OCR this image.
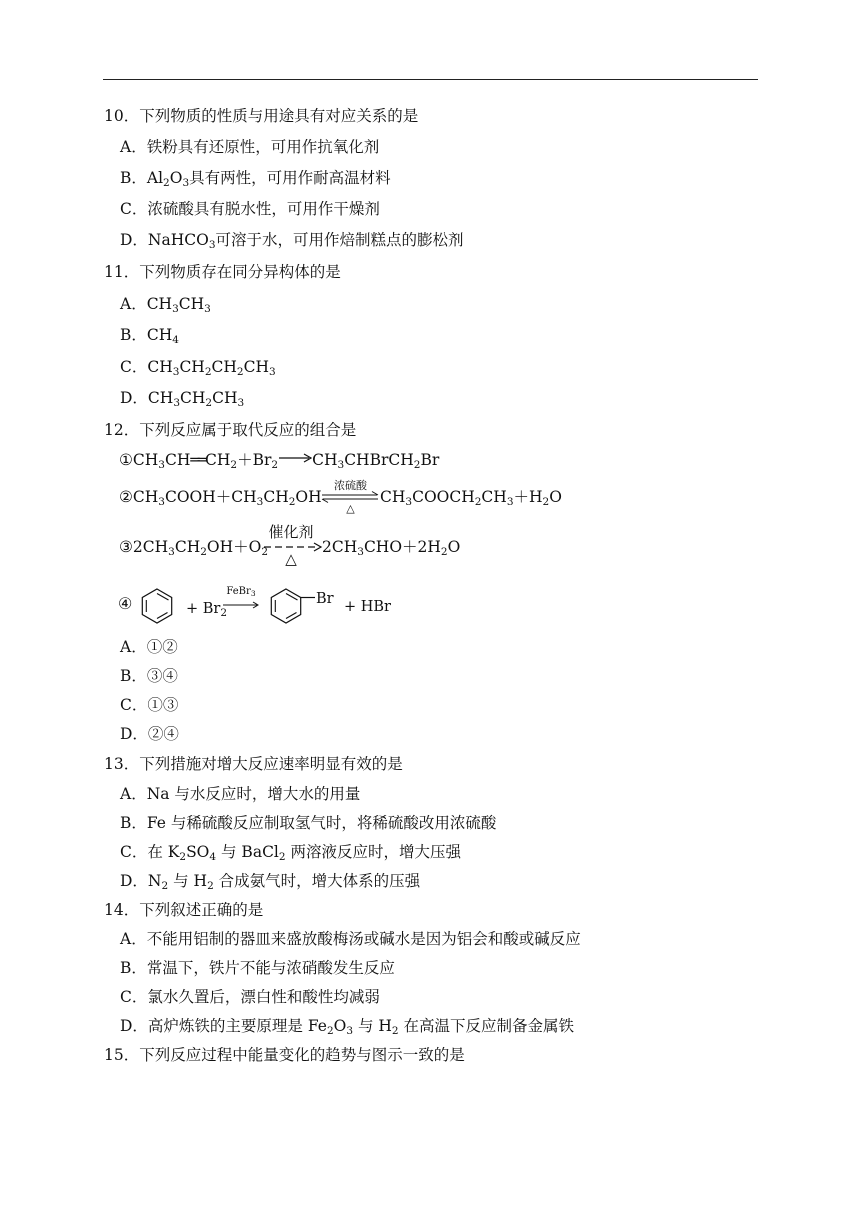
10．下列物质的性质与用途具有对应关系的是
A．铁粉具有还原性，可用作抗氧化剂
B．$Al_2O_3$具有两性，可用作耐高温材料
C．浓硫酸具有脱水性，可用作干燥剂
D．NaHCO$_3$可溶于水，可用作焙制糕点的膨松剂
11．下列物质存在同分异构体的是
A．$CH_3CH_3$
B．$CH_4$
C．$CH_3CH_2CH_2CH_3$
D．$CH_3CH_2CH_3$
12．下列反应属于取代反应的组合是
$①CH_3CH══CH_2+Br_2$ $\to CH_3CHBrCH_2Br$
$②CH_3COOH+CH_3CH_2OH$
浓硫酸
△
$CH_3COOCH_2CH_3+H_2O$
$③2CH_3CH_2OH+O_2$
催化剂
△
$2CH_3CHO+2H_2O$
④	+ $Br_2$
FeBr$_3$	Br + HBr
A．①②
B．③④
C．①③
D．②④
13．下列措施对增大反应速率明显有效的是
A．Na 与水反应时，增大水的用量
B．Fe 与稀硫酸反应制取氢气时，将稀硫酸改用浓硫酸
C．在 $K_2SO_4$ 与 BaCl$_2$ 两溶液反应时，增大压强
D．$N_2$ 与 $H_2$ 合成氨气时，增大体系的压强
14．下列叙述正确的是
A．不能用铝制的器皿来盛放酸梅汤或碱水是因为铝会和酸或碱反应
B．常温下，铁片不能与浓硝酸发生反应
C．氯水久置后，漂白性和酸性均减弱
D．高炉炼铁的主要原理是 $Fe_2O_3$ 与 $H_2$ 在高温下反应制备金属铁
15．下列反应过程中能量变化的趋势与图示一致的是
